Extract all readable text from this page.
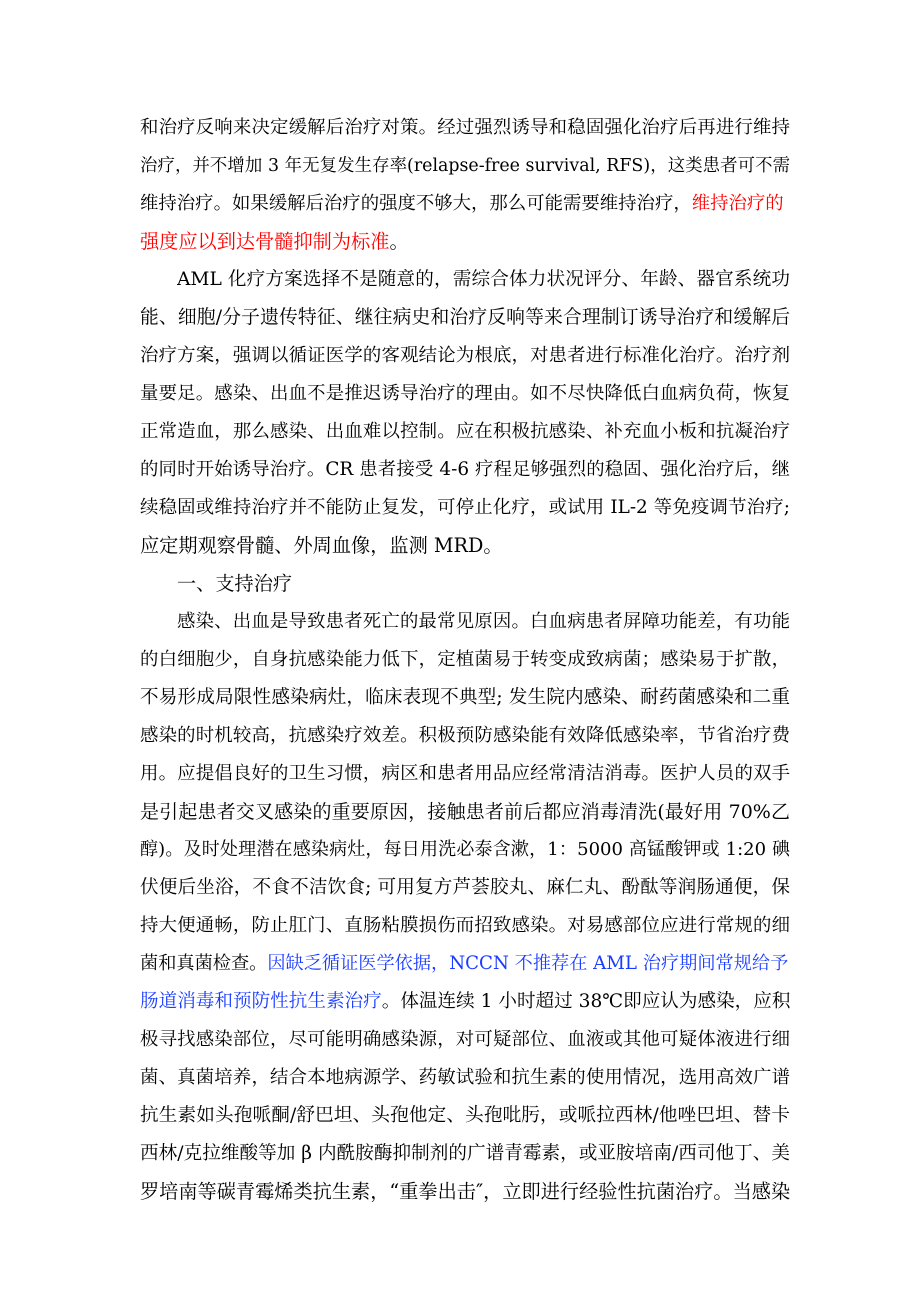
和治疗反响来决定缓解后治疗对策。经过强烈诱导和稳固强化治疗后再进行维持
治疗，并不增加 3 年无复发生存率(relapse-free survival, RFS)，这类患者可不需
维持治疗。如果缓解后治疗的强度不够大，那么可能需要维持治疗，维持治疗的
强度应以到达骨髓抑制为标准。
AML 化疗方案选择不是随意的，需综合体力状况评分、年龄、器官系统功
能、细胞/分子遗传特征、继往病史和治疗反响等来合理制订诱导治疗和缓解后
治疗方案，强调以循证医学的客观结论为根底，对患者进行标准化治疗。治疗剂
量要足。感染、出血不是推迟诱导治疗的理由。如不尽快降低白血病负荷，恢复
正常造血，那么感染、出血难以控制。应在积极抗感染、补充血小板和抗凝治疗
的同时开始诱导治疗。CR 患者接受 4-6 疗程足够强烈的稳固、强化治疗后，继
续稳固或维持治疗并不能防止复发，可停止化疗，或试用 IL-2 等免疫调节治疗;
应定期观察骨髓、外周血像，监测 MRD。
一、支持治疗
感染、出血是导致患者死亡的最常见原因。白血病患者屏障功能差，有功能
的白细胞少，自身抗感染能力低下，定植菌易于转变成致病菌；感染易于扩散，
不易形成局限性感染病灶，临床表现不典型; 发生院内感染、耐药菌感染和二重
感染的时机较高，抗感染疗效差。积极预防感染能有效降低感染率，节省治疗费
用。应提倡良好的卫生习惯，病区和患者用品应经常清洁消毒。医护人员的双手
是引起患者交叉感染的重要原因，接触患者前后都应消毒清洗(最好用 70%乙
醇)。及时处理潜在感染病灶，每日用洗必泰含漱，1：5000 高锰酸钾或 1:20 碘
伏便后坐浴，不食不洁饮食; 可用复方芦荟胶丸、麻仁丸、酚酞等润肠通便，保
持大便通畅，防止肛门、直肠粘膜损伤而招致感染。对易感部位应进行常规的细
菌和真菌检查。因缺乏循证医学依据，NCCN 不推荐在 AML 治疗期间常规给予
肠道消毒和预防性抗生素治疗。体温连续 1 小时超过 38℃即应认为感染，应积
极寻找感染部位，尽可能明确感染源，对可疑部位、血液或其他可疑体液进行细
菌、真菌培养，结合本地病源学、药敏试验和抗生素的使用情况，选用高效广谱
抗生素如头孢哌酮/舒巴坦、头孢他定、头孢吡肟，或哌拉西林/他唑巴坦、替卡
西林/克拉维酸等加 β 内酰胺酶抑制剂的广谱青霉素，或亚胺培南/西司他丁、美
罗培南等碳青霉烯类抗生素，“重拳出击″，立即进行经验性抗菌治疗。当感染
